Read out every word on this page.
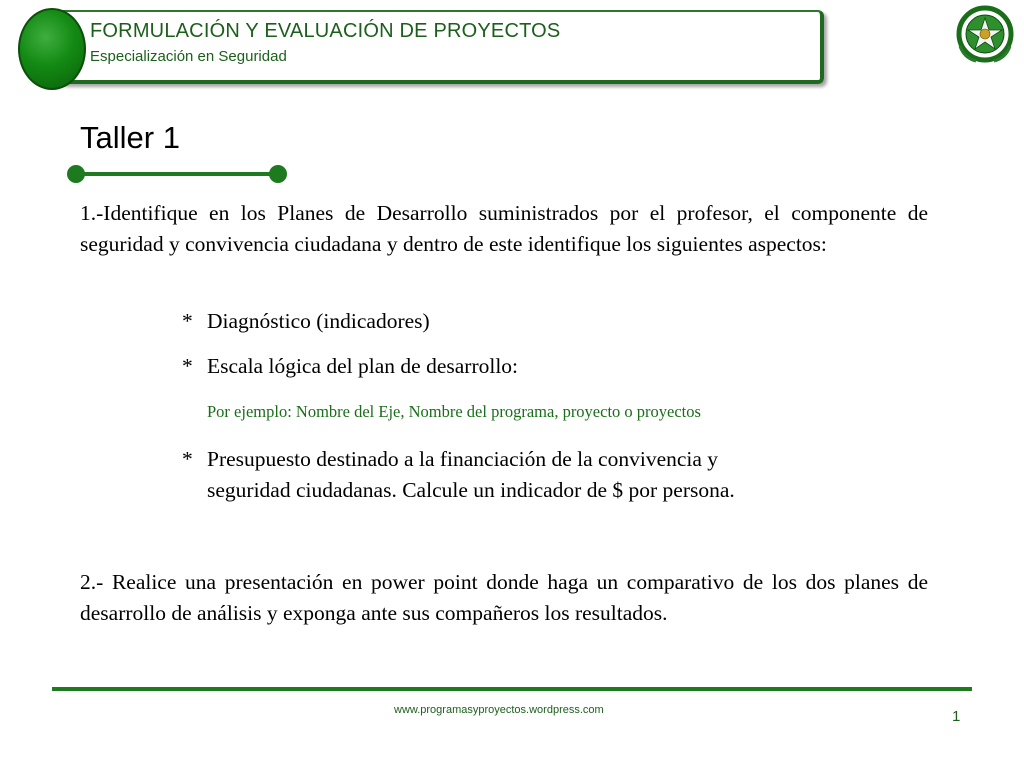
FORMULACIÓN Y EVALUACIÓN DE PROYECTOS
Especialización en Seguridad
Taller 1
1.-Identifique en los Planes de Desarrollo suministrados por el profesor, el componente de seguridad y convivencia ciudadana y dentro de este identifique los siguientes aspectos:
* Diagnóstico (indicadores)
* Escala lógica del plan de desarrollo:
Por ejemplo: Nombre del Eje, Nombre del programa, proyecto o proyectos
* Presupuesto destinado a la financiación de la convivencia y
seguridad ciudadanas. Calcule un indicador de $ por persona.
2.- Realice una presentación en power point donde haga un comparativo de los dos planes de desarrollo de análisis y exponga ante sus compañeros los resultados.
www.programasyproyectos.wordpress.com	1
